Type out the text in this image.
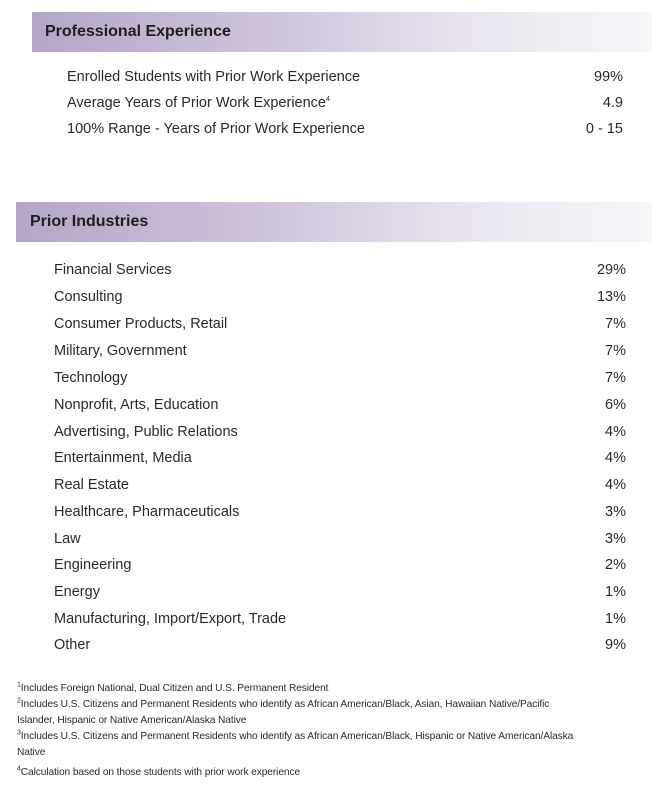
Professional Experience
Enrolled Students with Prior Work Experience	99%
Average Years of Prior Work Experience$^4$	4.9
100% Range - Years of Prior Work Experience	0 - 15
Prior Industries
Financial Services	29%
Consulting	13%
Consumer Products, Retail	7%
Military, Government	7%
Technology	7%
Nonprofit, Arts, Education	6%
Advertising, Public Relations	4%
Entertainment, Media	4%
Real Estate	4%
Healthcare, Pharmaceuticals	3%
Law	3%
Engineering	2%
Energy	1%
Manufacturing, Import/Export, Trade	1%
Other	9%
$^1$Includes Foreign National, Dual Citizen and U.S. Permanent Resident
$^2$Includes U.S. Citizens and Permanent Residents who identify as African American/Black, Asian, Hawaiian Native/Pacific Islander, Hispanic or Native American/Alaska Native
$^3$Includes U.S. Citizens and Permanent Residents who identify as African American/Black, Hispanic or Native American/Alaska Native
$^4$Calculation based on those students with prior work experience
